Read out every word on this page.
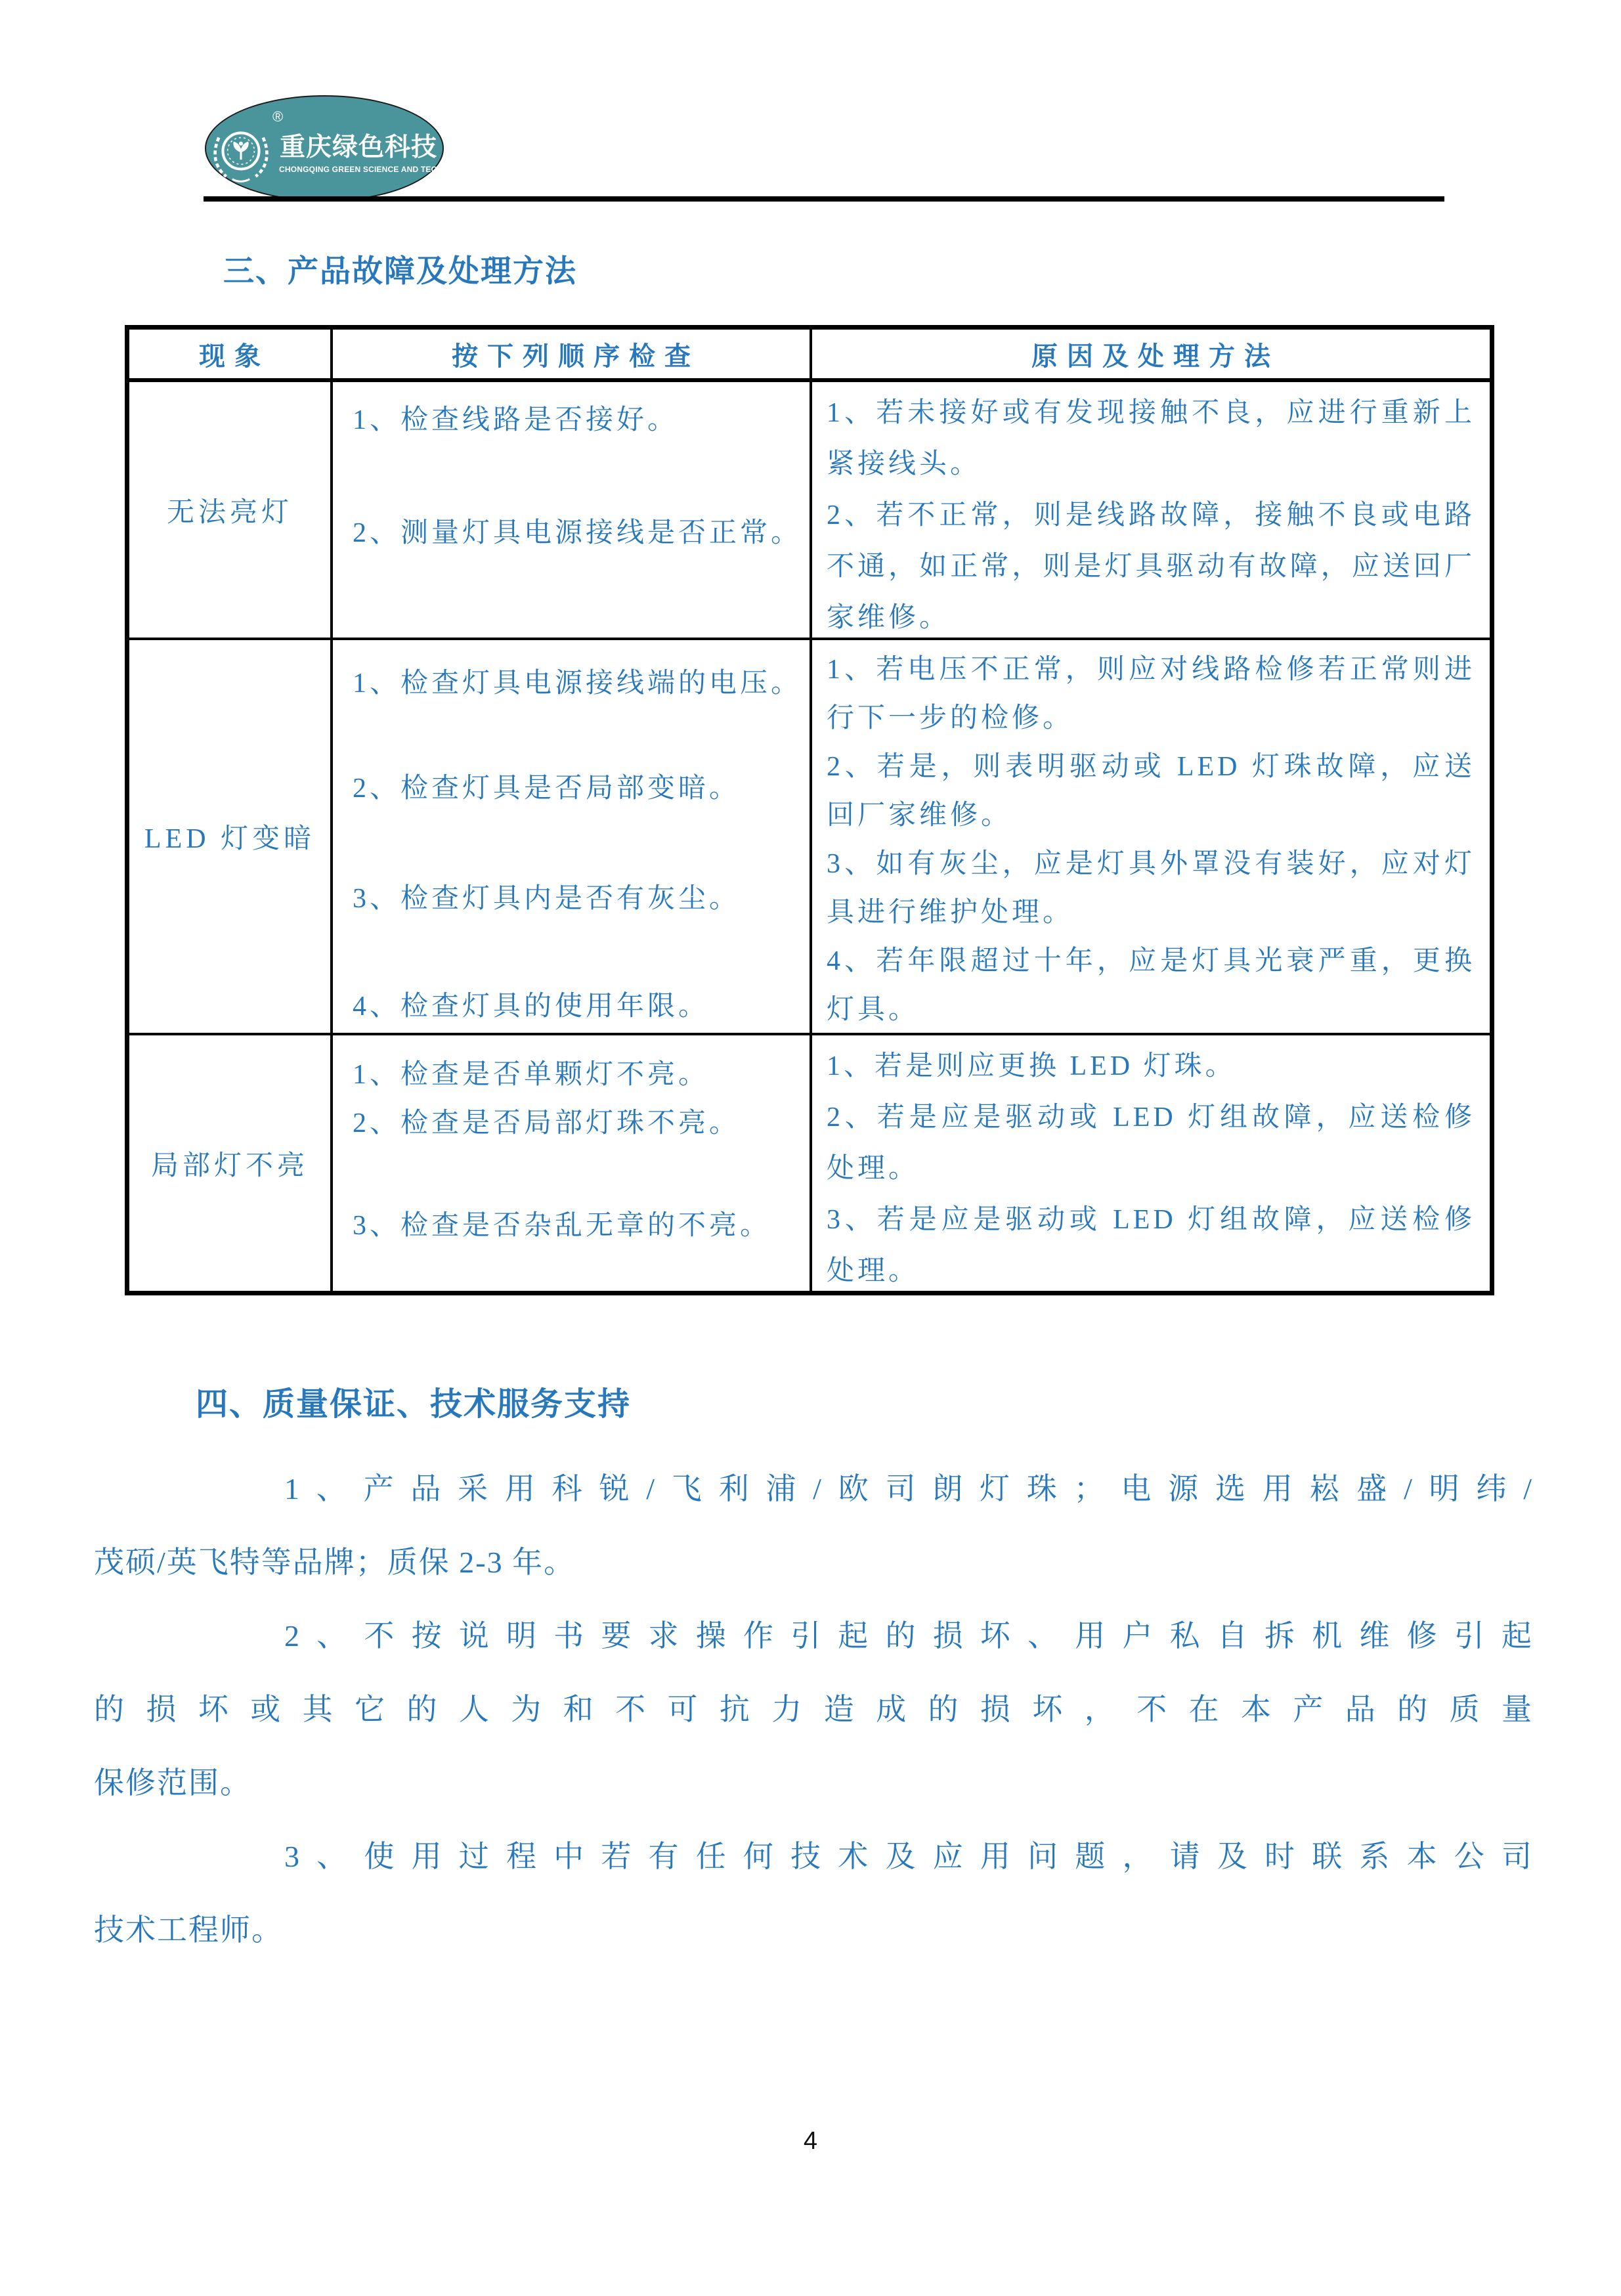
®
重庆绿色科技
CHONGQING GREEN SCIENCE AND TECHNOLOG
三、产品故障及处理方法
现象	按下列顺序检查	原因及处理方法
无法亮灯
1、检查线路是否接好。
2、测量灯具电源接线是否正常。

1、若未接好或有发现接触不良，应进行重新上紧接线头。

2、若不正常，则是线路故障，接触不良或电路不通，如正常，则是灯具驱动有故障，应送回厂家维修。

LED 灯变暗
1、检查灯具电源接线端的电压。
2、检查灯具是否局部变暗。
3、检查灯具内是否有灰尘。
4、检查灯具的使用年限。

1、若电压不正常，则应对线路检修若正常则进行下一步的检修。

2、若是，则表明驱动或 LED 灯珠故障，应送回厂家维修。

3、如有灰尘，应是灯具外罩没有装好，应对灯具进行维护处理。

4、若年限超过十年，应是灯具光衰严重，更换灯具。

局部灯不亮
1、检查是否单颗灯不亮。
2、检查是否局部灯珠不亮。
3、检查是否杂乱无章的不亮。

1、若是则应更换 LED 灯珠。

2、若是应是驱动或 LED 灯组故障，应送检修处理。

3、若是应是驱动或 LED 灯组故障，应送检修处理。

四、质量保证、技术服务支持
1、产品采用科锐/飞利浦/欧司朗灯珠；电源选用崧盛/明纬/
茂硕/英飞特等品牌；质保 2-3 年。
2、不按说明书要求操作引起的损坏、用户私自拆机维修引起
的损坏或其它的人为和不可抗力造成的损坏，不在本产品的质量
保修范围。
3、使用过程中若有任何技术及应用问题，请及时联系本公司
技术工程师。
4
